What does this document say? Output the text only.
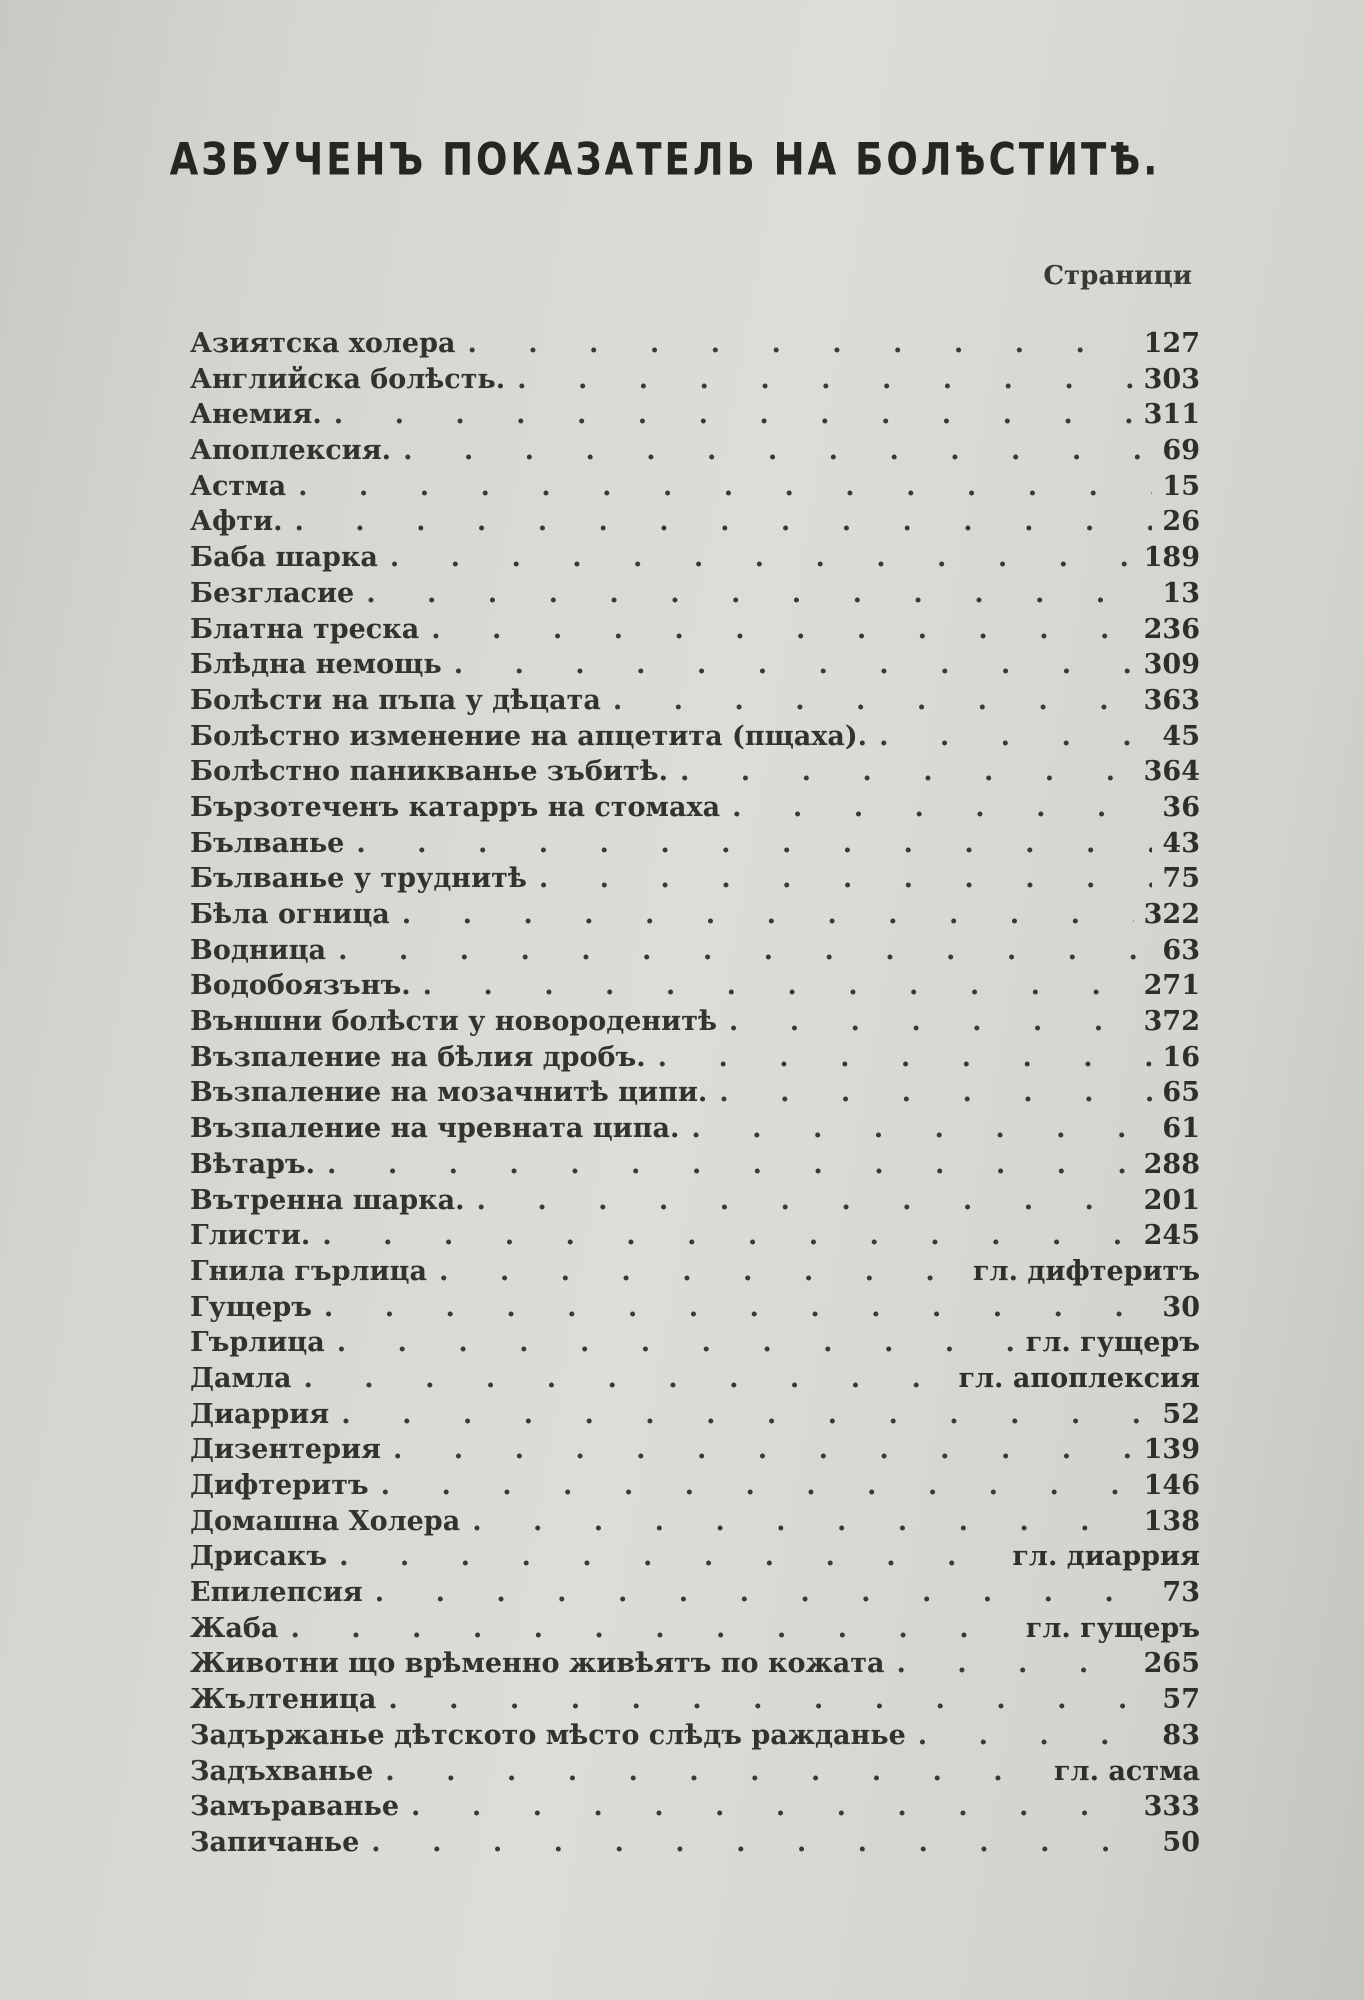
АЗБУЧЕНЪ ПОКАЗАТЕЛЬ НА БОЛѢСТИТѢ.
Страници
Азиятска холера . . .	127
Английска болѣсть. . . .	303
Анемия. . . .	311
Апоплексия. . . .	69
Астма . . .	15
Афти. . . .	26
Баба шарка . . .	189
Безгласие . . .	13
Блатна треска . . .	236
Блѣдна немощь . . .	309
Болѣсти на пъпа у дѣцата . . .	363
Болѣстно изменение на апцетита (пщаха). . . .	45
Болѣстно паникванье зъбитѣ. . . .	364
Бързотеченъ катарръ на стомаха . . .	36
Бълванье . . .	43
Бълванье у труднитѣ . . .	75
Бѣла огница . . .	322
Водница . . .	63
Водобоязънъ. . . .	271
Външни болѣсти у новороденитѣ . . .	372
Възпаление на бѣлия дробъ. . . .	16
Възпаление на мозачнитѣ ципи. . . .	65
Възпаление на чревната ципа. . . .	61
Вѣтаръ. . . .	288
Вътренна шарка. . . .	201
Глисти. . . .	245
Гнила гърлица . . .	гл. дифтеритъ
Гущеръ . . .	30
Гърлица . . .	гл. гущеръ
Дамла . . .	гл. апоплексия
Диаррия . . .	52
Дизентерия . . .	139
Дифтеритъ . . .	146
Домашна Холера . . .	138
Дрисакъ . . .	гл. диаррия
Епилепсия . . .	73
Жаба . . .	гл. гущеръ
Животни що врѣменно живѣятъ по кожата . . .	265
Жълтеница . . .	57
Задържанье дѣтското мѣсто слѣдъ ражданье . . .	83
Задъхванье . . .	гл. астма
Замърaванье . . .	333
Запичанье . . .	50
